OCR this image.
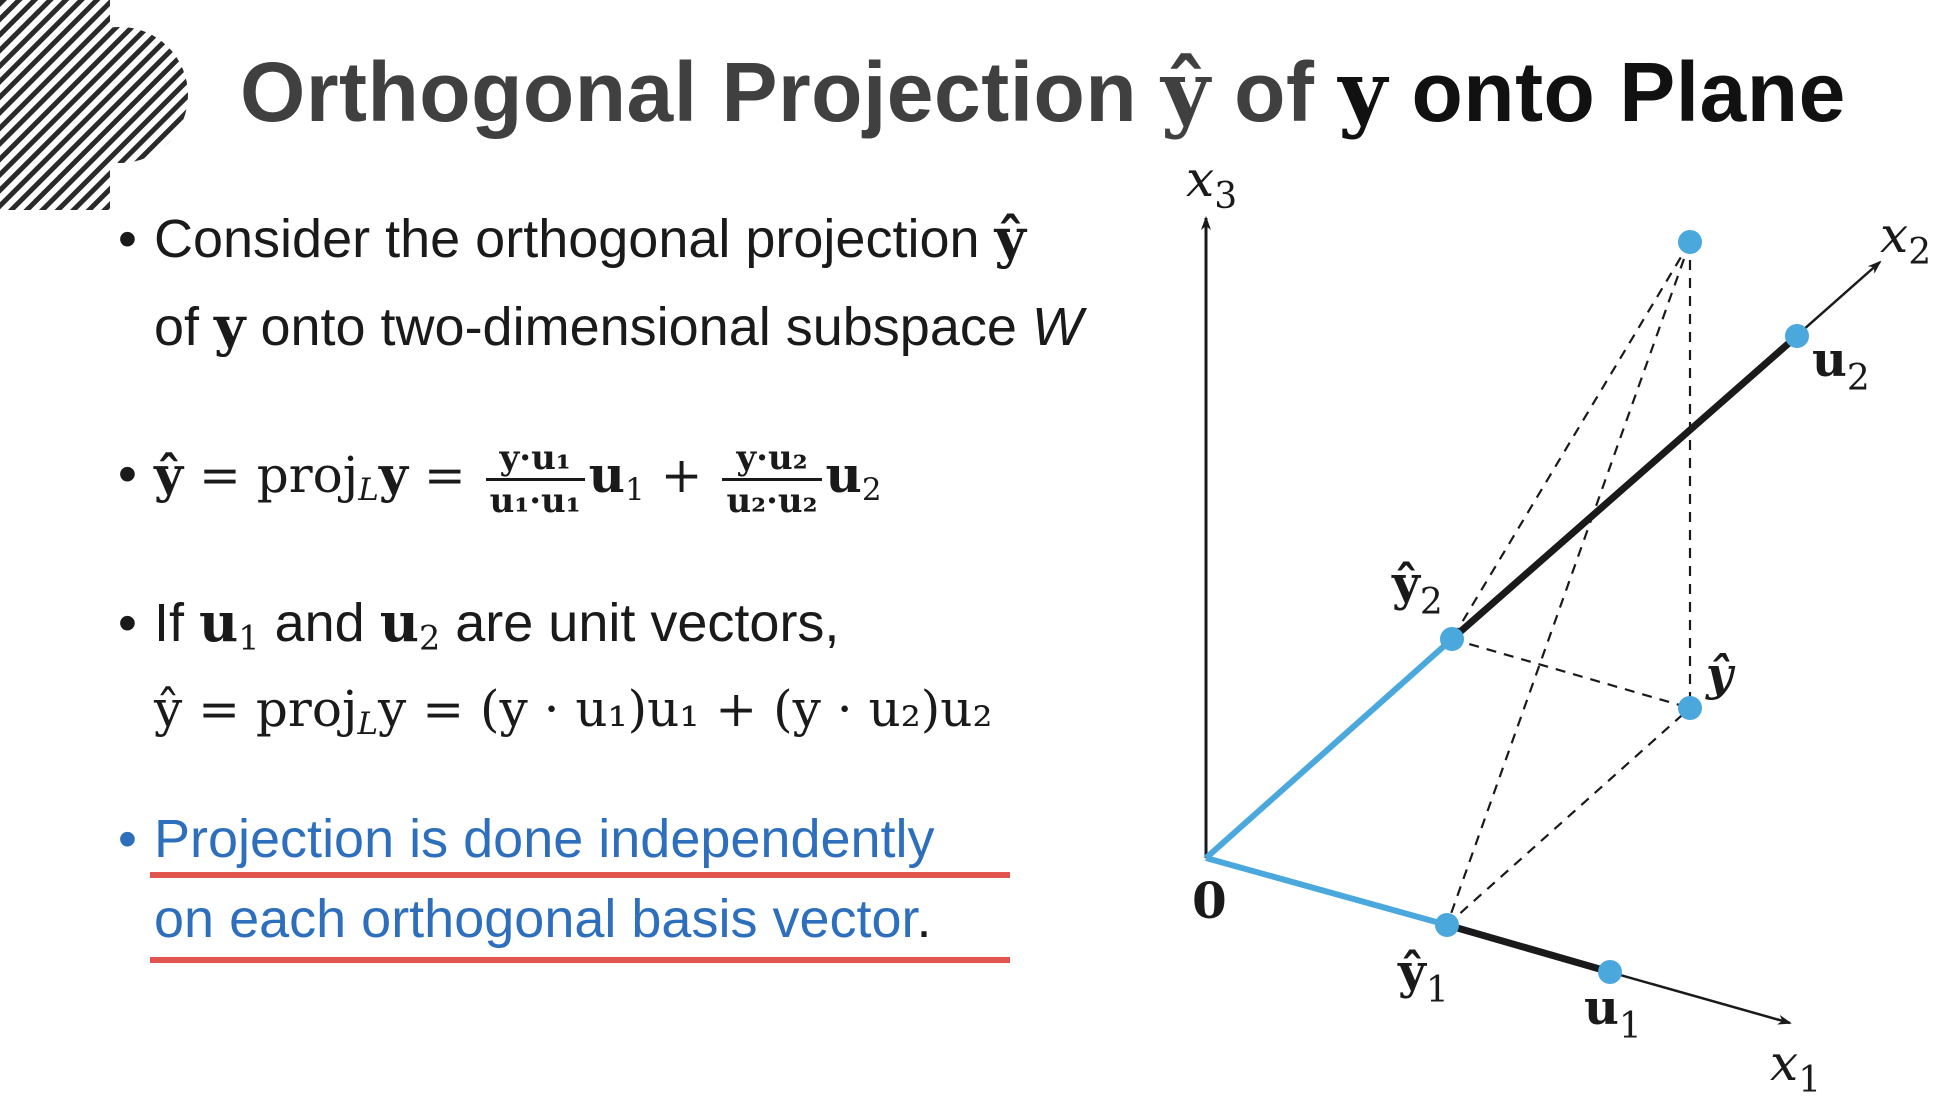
Orthogonal Projection ŷ of y onto Plane
• Consider the orthogonal projection ŷ
of y onto two-dimensional subspace W
• ŷ = proj$_L$y = $\frac{\text{y·u₁}}{\text{u₁·u₁}} u_1 + \frac{\text{y·u₂}}{\text{u₂·u₂}} u_2$
• If $u_1$ and $u_2$ are unit vectors,
ŷ = proj$_L$y = (y · u₁)u₁ + (y · u₂)u₂
• Projection is done independently
on each orthogonal basis vector.
$x_3$
$x_2$
$x_1$
0
$u_2$
$u_1$
$ŷ_2$
$ŷ_1$
ŷ
